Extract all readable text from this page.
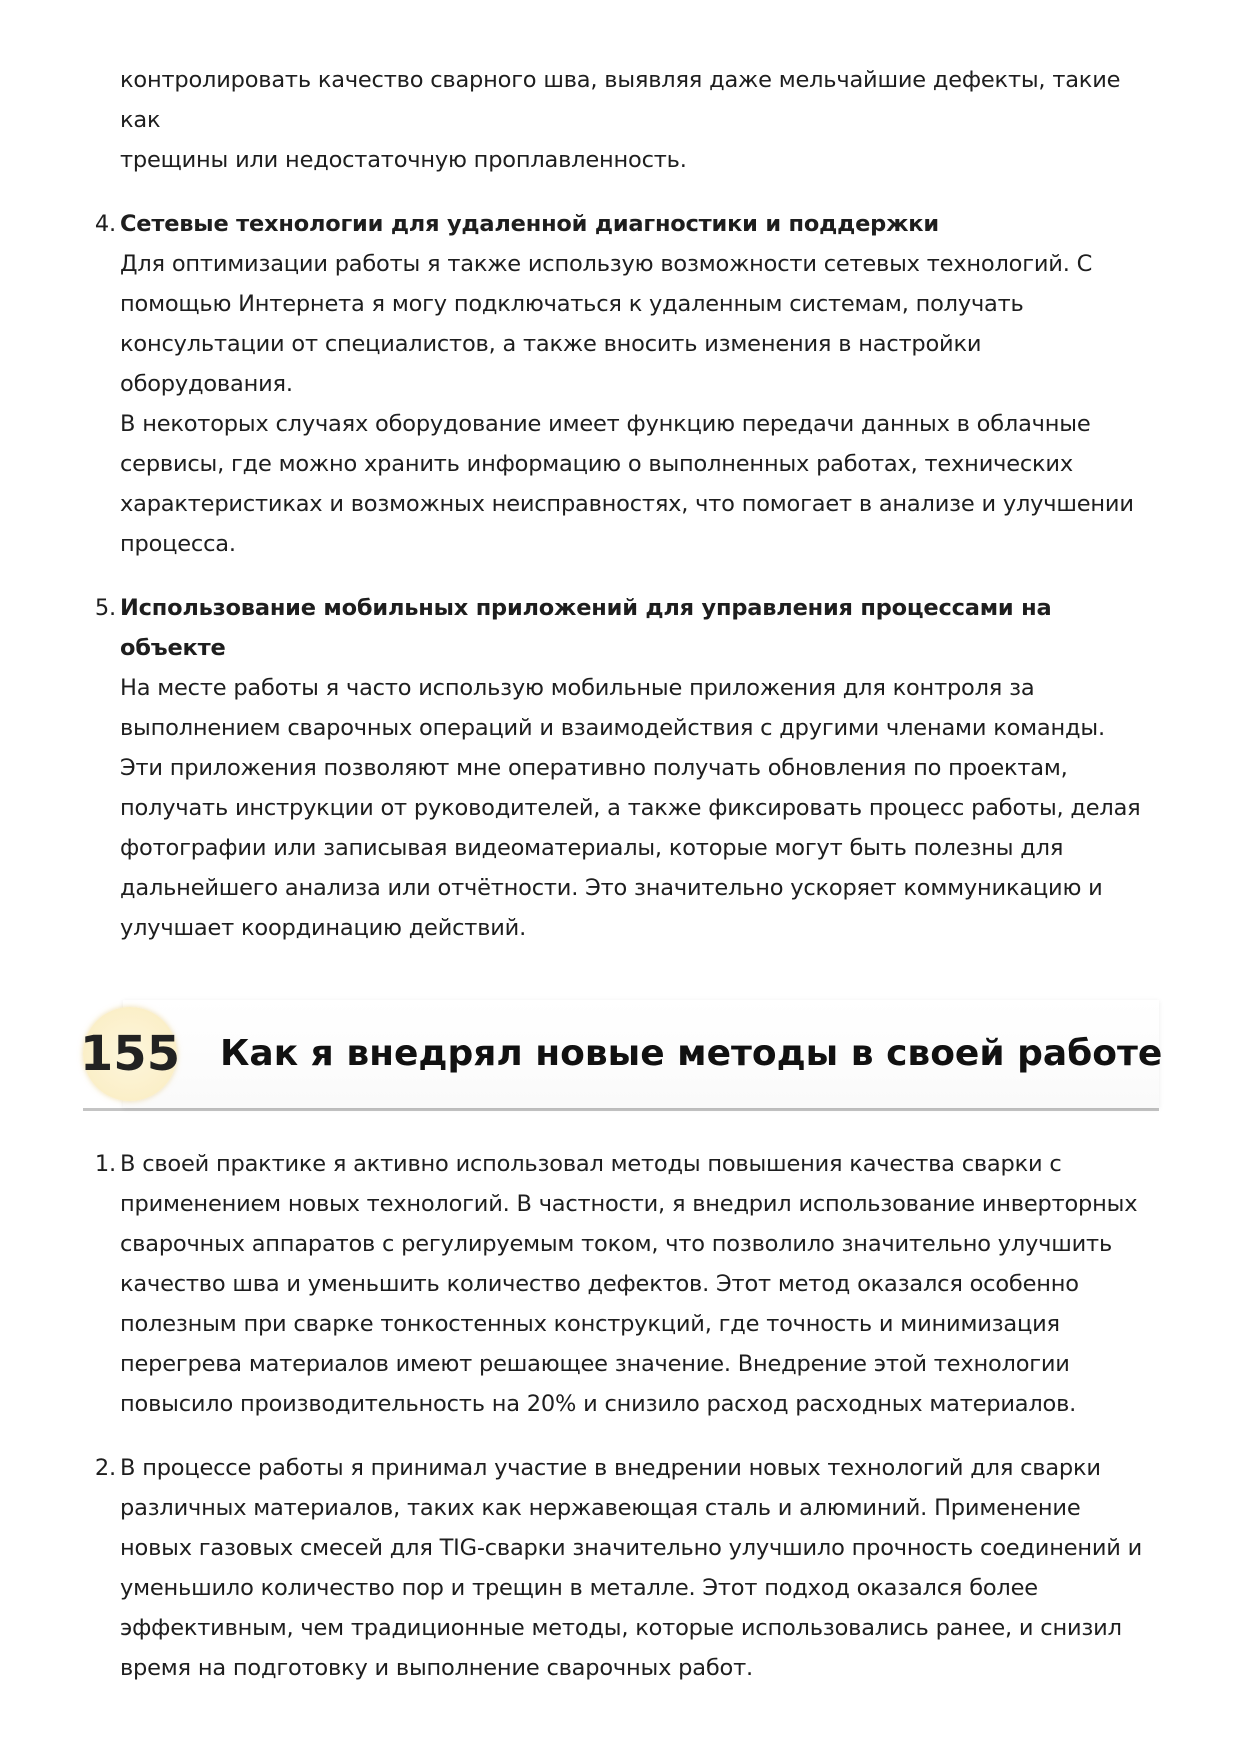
контролировать качество сварного шва, выявляя даже мельчайшие дефекты, такие как
трещины или недостаточную проплавленность.
4. Сетевые технологии для удаленной диагностики и поддержки
Для оптимизации работы я также использую возможности сетевых технологий. С
помощью Интернета я могу подключаться к удаленным системам, получать
консультации от специалистов, а также вносить изменения в настройки оборудования.
В некоторых случаях оборудование имеет функцию передачи данных в облачные
сервисы, где можно хранить информацию о выполненных работах, технических
характеристиках и возможных неисправностях, что помогает в анализе и улучшении
процесса.
5. Использование мобильных приложений для управления процессами на объекте
На месте работы я часто использую мобильные приложения для контроля за
выполнением сварочных операций и взаимодействия с другими членами команды.
Эти приложения позволяют мне оперативно получать обновления по проектам,
получать инструкции от руководителей, а также фиксировать процесс работы, делая
фотографии или записывая видеоматериалы, которые могут быть полезны для
дальнейшего анализа или отчётности. Это значительно ускоряет коммуникацию и
улучшает координацию действий.
155 Как я внедрял новые методы в своей работе
1. В своей практике я активно использовал методы повышения качества сварки с
применением новых технологий. В частности, я внедрил использование инверторных
сварочных аппаратов с регулируемым током, что позволило значительно улучшить
качество шва и уменьшить количество дефектов. Этот метод оказался особенно
полезным при сварке тонкостенных конструкций, где точность и минимизация
перегрева материалов имеют решающее значение. Внедрение этой технологии
повысило производительность на 20% и снизило расход расходных материалов.
2. В процессе работы я принимал участие в внедрении новых технологий для сварки
различных материалов, таких как нержавеющая сталь и алюминий. Применение
новых газовых смесей для TIG-сварки значительно улучшило прочность соединений и
уменьшило количество пор и трещин в металле. Этот подход оказался более
эффективным, чем традиционные методы, которые использовались ранее, и снизил
время на подготовку и выполнение сварочных работ.
